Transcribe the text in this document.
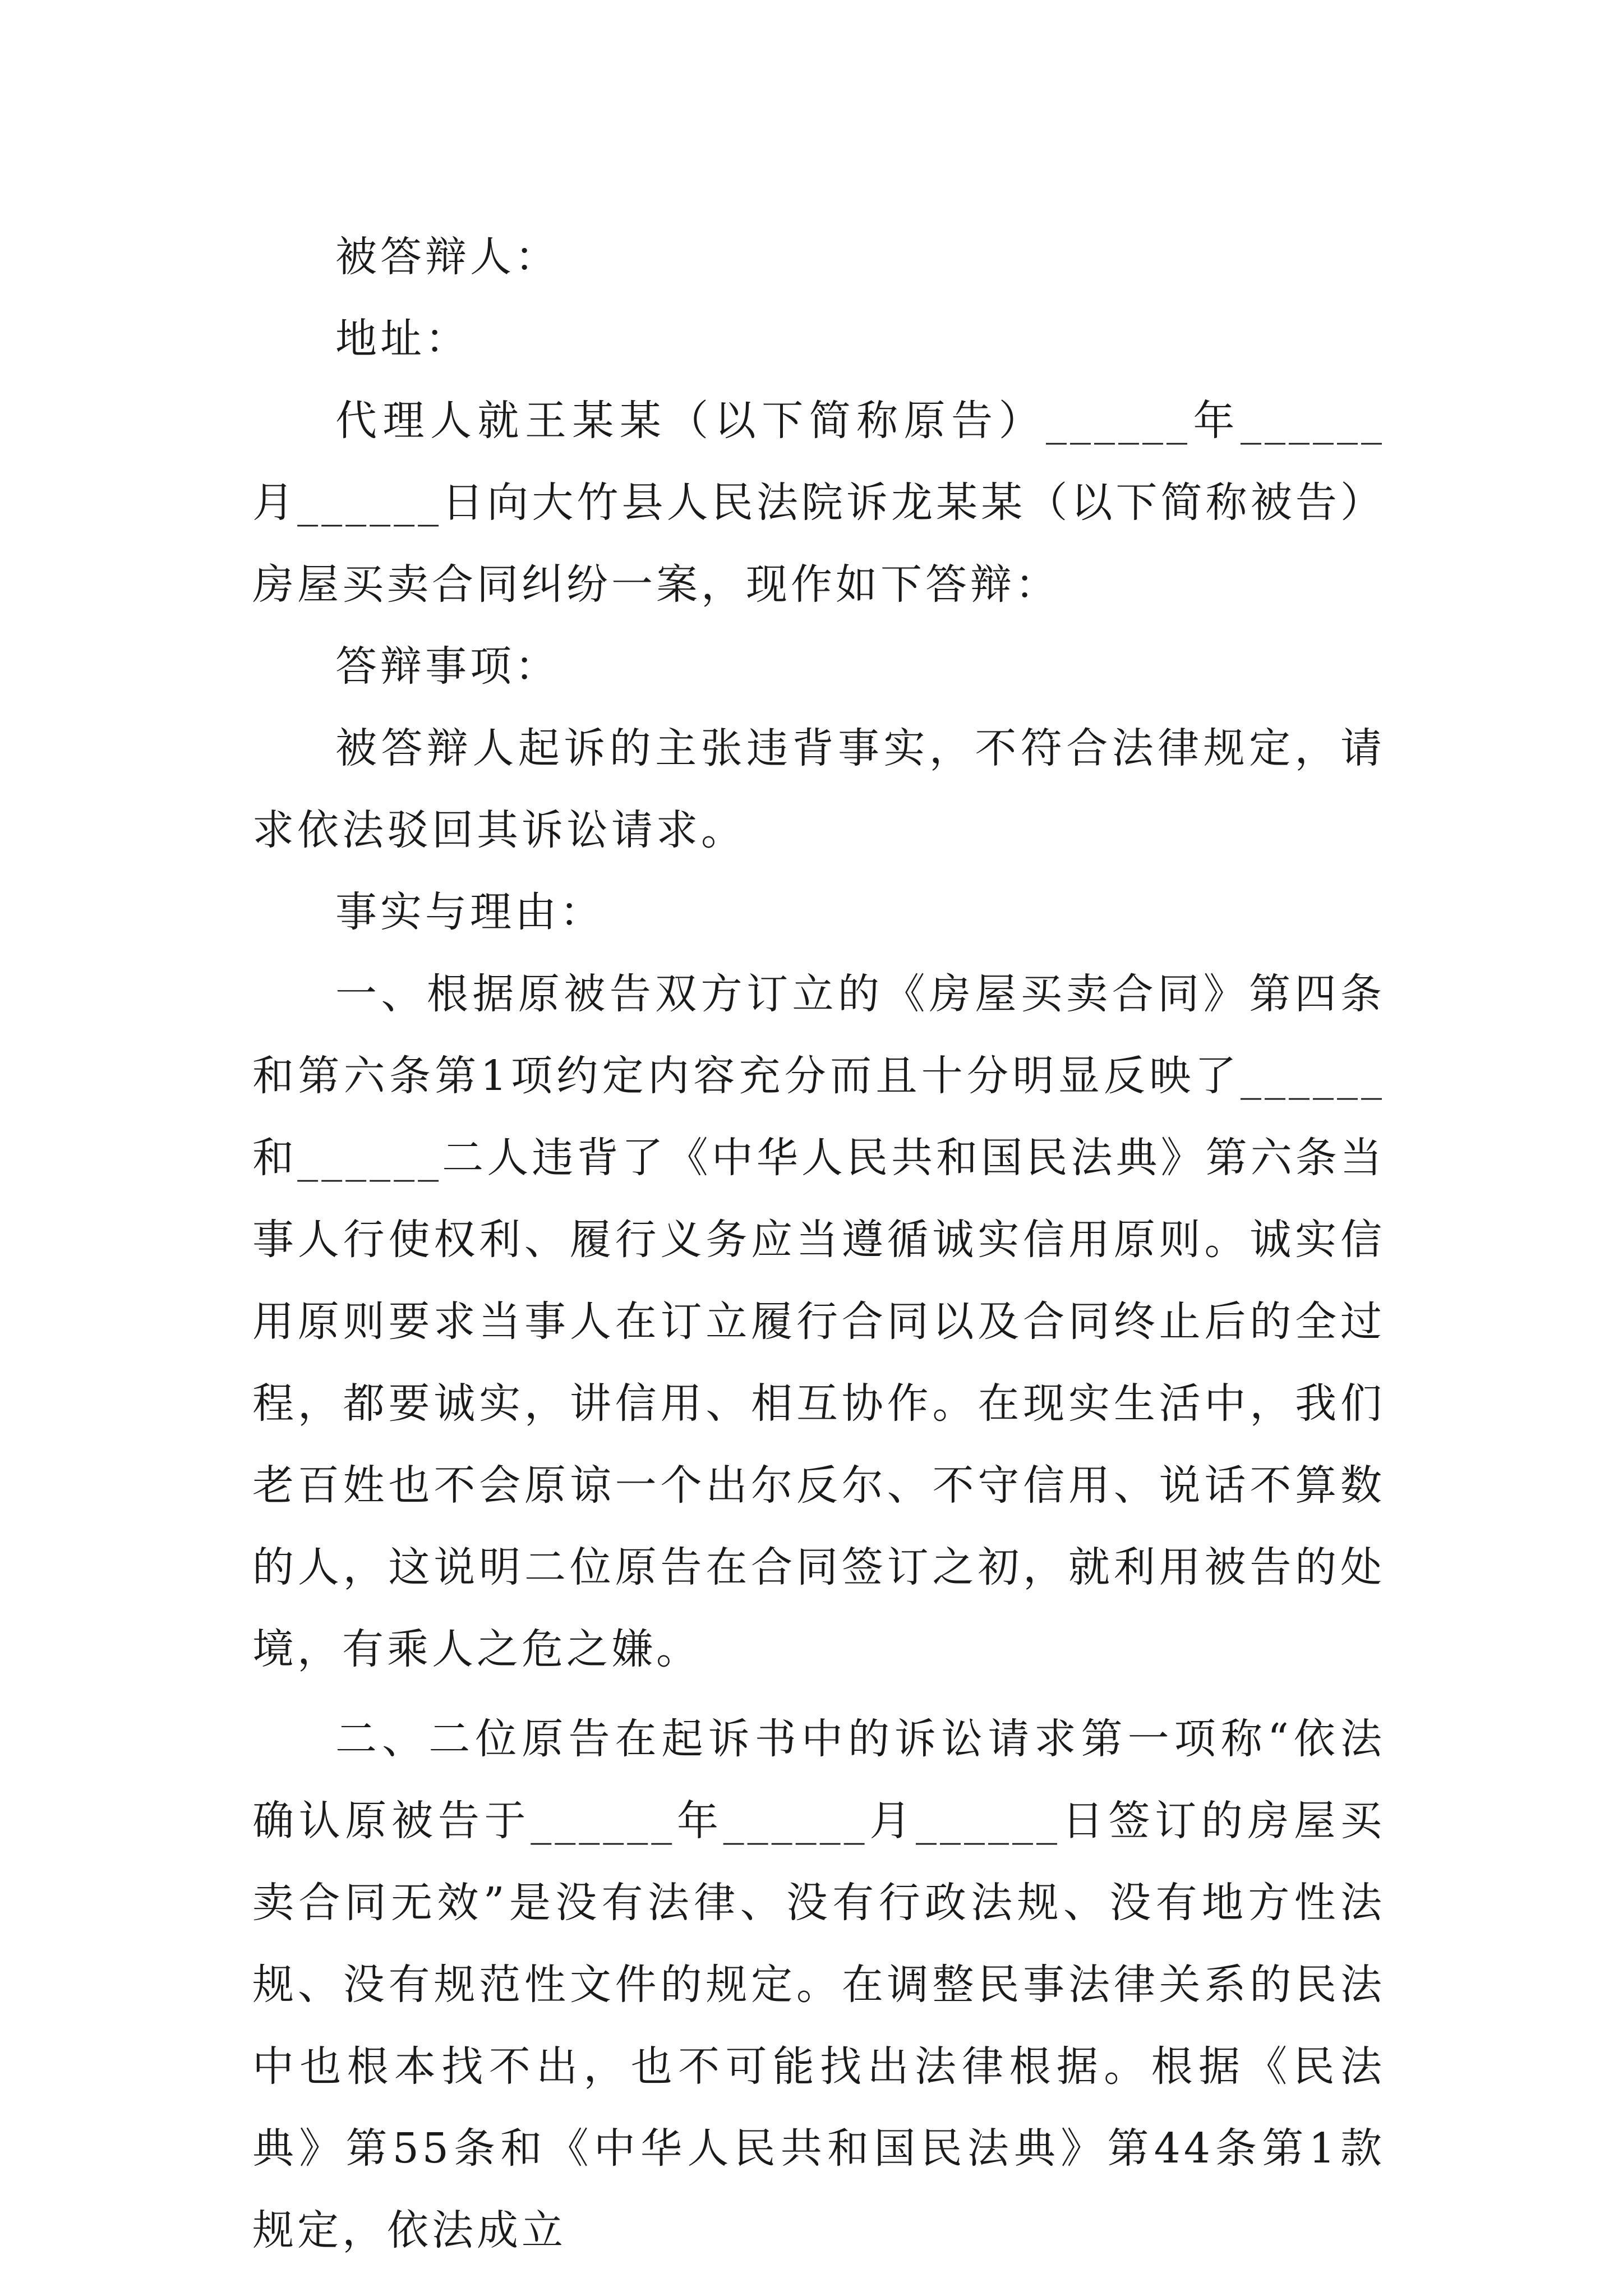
被答辩人：

地址：

代理人就王某某（以下简称原告）______年______月______日向大竹县人民法院诉龙某某（以下简称被告）房屋买卖合同纠纷一案，现作如下答辩：

答辩事项：

被答辩人起诉的主张违背事实，不符合法律规定，请求依法驳回其诉讼请求。

事实与理由：

一、根据原被告双方订立的《房屋买卖合同》第四条和第六条第1项约定内容充分而且十分明显反映了______和______二人违背了《中华人民共和国民法典》第六条当事人行使权利、履行义务应当遵循诚实信用原则。诚实信用原则要求当事人在订立履行合同以及合同终止后的全过程，都要诚实，讲信用、相互协作。在现实生活中，我们老百姓也不会原谅一个出尔反尔、不守信用、说话不算数的人，这说明二位原告在合同签订之初，就利用被告的处境，有乘人之危之嫌。

二、二位原告在起诉书中的诉讼请求第一项称“依法确认原被告于______年______月______日签订的房屋买卖合同无效”是没有法律、没有行政法规、没有地方性法规、没有规范性文件的规定。在调整民事法律关系的民法中也根本找不出，也不可能找出法律根据。根据《民法典》第55条和《中华人民共和国民法典》第44条第1款规定，依法成立
